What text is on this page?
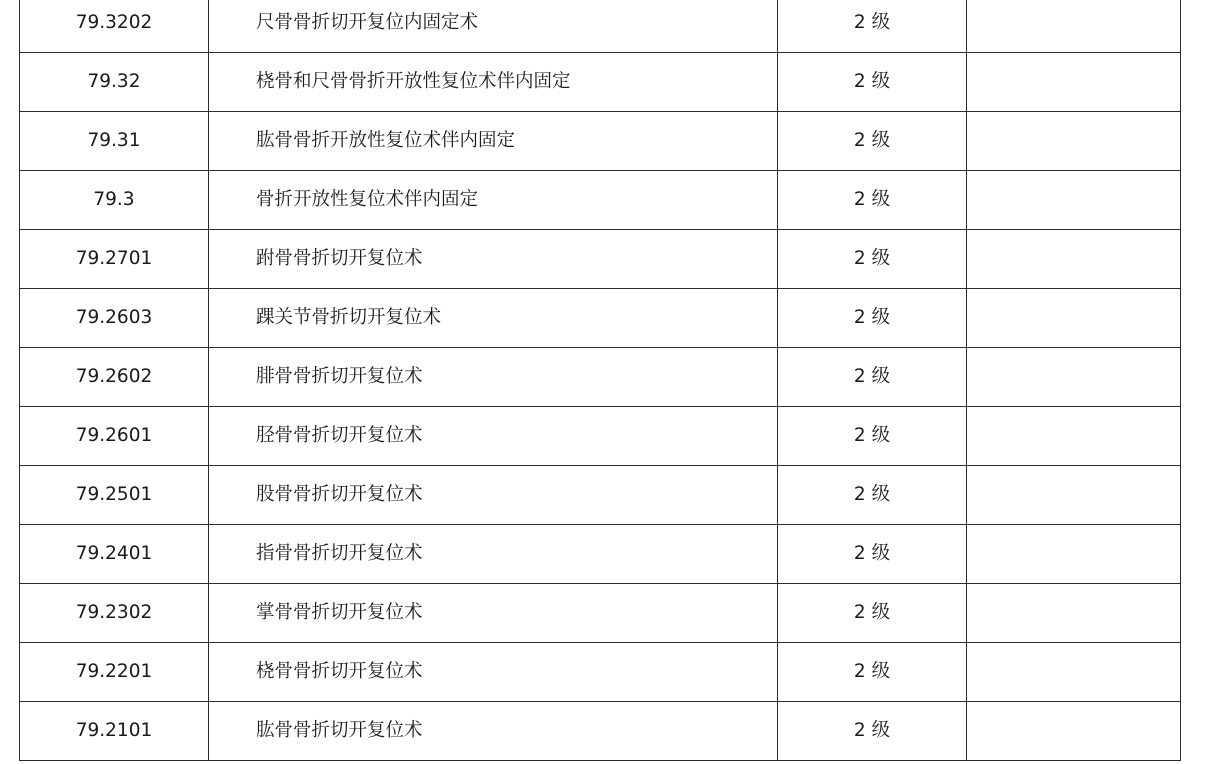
79.3202	尺骨骨折切开复位内固定术	2 级	
79.32	桡骨和尺骨骨折开放性复位术伴内固定	2 级	
79.31	肱骨骨折开放性复位术伴内固定	2 级	
79.3	骨折开放性复位术伴内固定	2 级	
79.2701	跗骨骨折切开复位术	2 级	
79.2603	踝关节骨折切开复位术	2 级	
79.2602	腓骨骨折切开复位术	2 级	
79.2601	胫骨骨折切开复位术	2 级	
79.2501	股骨骨折切开复位术	2 级	
79.2401	指骨骨折切开复位术	2 级	
79.2302	掌骨骨折切开复位术	2 级	
79.2201	桡骨骨折切开复位术	2 级	
79.2101	肱骨骨折切开复位术	2 级	
